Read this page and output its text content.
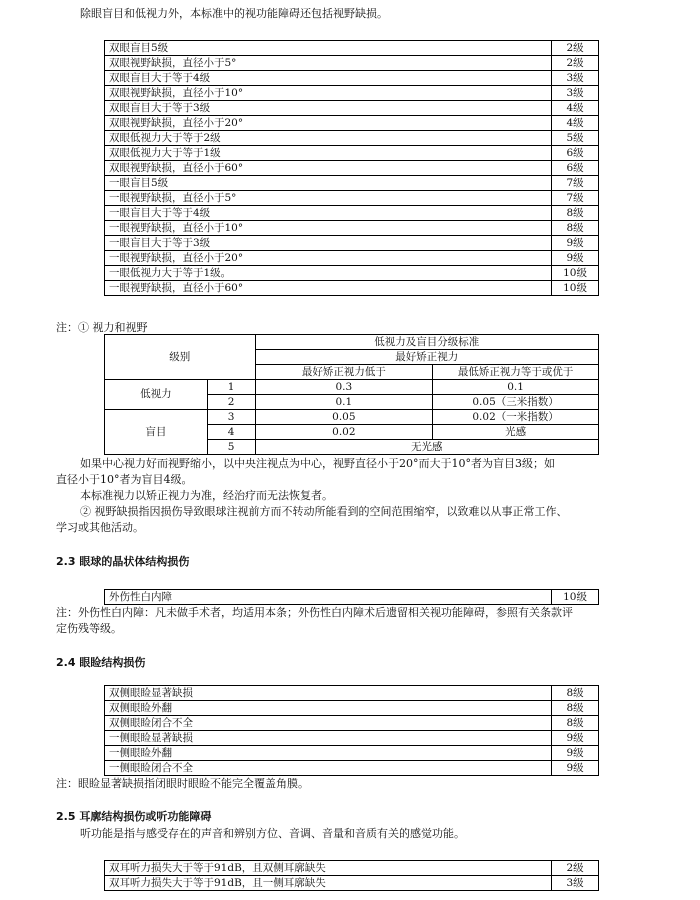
除眼盲目和低视力外，本标准中的视功能障碍还包括视野缺损。
双眼盲目5级	2级
双眼视野缺损，直径小于5°	2级
双眼盲目大于等于4级	3级
双眼视野缺损，直径小于10°	3级
双眼盲目大于等于3级	4级
双眼视野缺损，直径小于20°	4级
双眼低视力大于等于2级	5级
双眼低视力大于等于1级	6级
双眼视野缺损，直径小于60°	6级
一眼盲目5级	7级
一眼视野缺损，直径小于5°	7级
一眼盲目大于等于4级	8级
一眼视野缺损，直径小于10°	8级
一眼盲目大于等于3级	9级
一眼视野缺损，直径小于20°	9级
一眼低视力大于等于1级。	10级
一眼视野缺损，直径小于60°	10级
注：① 视力和视野
级别		低视力及盲目分级标准	
		最好矫正视力	
		最好矫正视力低于	最低矫正视力等于或优于
低视力	1	0.3	0.1
	2	0.1	0.05（三米指数）
盲目	3	0.05	0.02（一米指数）
	4	0.02	光感
	5	无光感	
如果中心视力好而视野缩小，以中央注视点为中心，视野直径小于20°而大于10°者为盲目3级；如
直径小于10°者为盲目4级。
本标准视力以矫正视力为准，经治疗而无法恢复者。
② 视野缺损指因损伤导致眼球注视前方而不转动所能看到的空间范围缩窄，以致难以从事正常工作、
学习或其他活动。
2.3 眼球的晶状体结构损伤
外伤性白内障	10级
注：外伤性白内障：凡未做手术者，均适用本条；外伤性白内障术后遗留相关视功能障碍，参照有关条款评
定伤残等级。
2.4 眼睑结构损伤
双侧眼睑显著缺损	8级
双侧眼睑外翻	8级
双侧眼睑闭合不全	8级
一侧眼睑显著缺损	9级
一侧眼睑外翻	9级
一侧眼睑闭合不全	9级
注：眼睑显著缺损指闭眼时眼睑不能完全覆盖角膜。
2.5 耳廓结构损伤或听功能障碍
听功能是指与感受存在的声音和辨别方位、音调、音量和音质有关的感觉功能。
双耳听力损失大于等于91dB，且双侧耳廓缺失	2级
双耳听力损失大于等于91dB，且一侧耳廓缺失	3级
